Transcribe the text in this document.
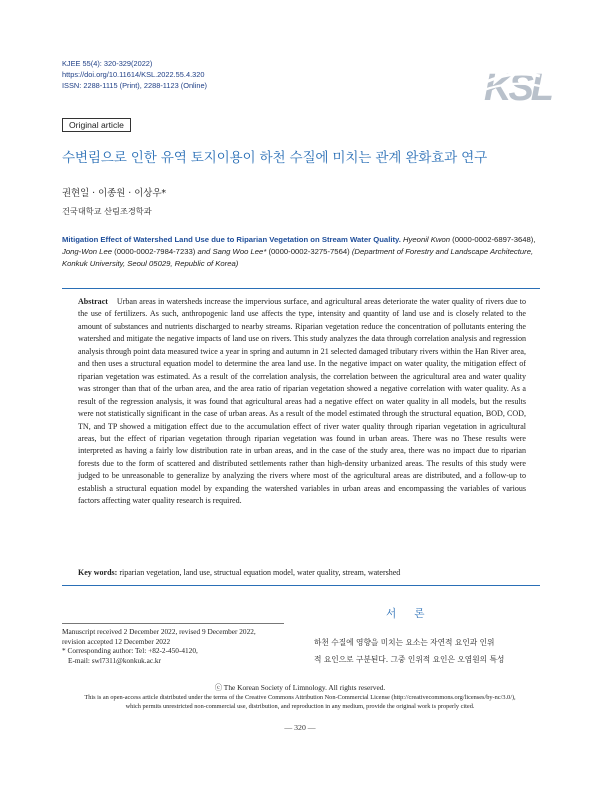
KJEE 55(4): 320-329(2022)
https://doi.org/10.11614/KSL.2022.55.4.320
ISSN: 2288-1115 (Print), 2288-1123 (Online)	KSL
Original article
수변림으로 인한 유역 토지이용이 하천 수질에 미치는 관계 완화효과 연구
권현일 · 이종원 · 이상우*
건국대학교 산림조경학과
Mitigation Effect of Watershed Land Use due to Riparian Vegetation on Stream Water Quality. Hyeonil Kwon (0000-0002-6897-3648), Jong-Won Lee (0000-0002-7984-7233) and Sang Woo Lee* (0000-0002-3275-7564) (Department of Forestry and Landscape Architecture, Konkuk University, Seoul 05029, Republic of Korea)
Abstract Urban areas in watersheds increase the impervious surface, and agricultural areas deteriorate the water quality of rivers due to the use of fertilizers. As such, anthropogenic land use affects the type, intensity and quantity of land use and is closely related to the amount of substances and nutrients discharged to nearby streams. Riparian vegetation reduce the concentration of pollutants entering the watershed and mitigate the negative impacts of land use on rivers. This study analyzes the data through correlation analysis and regression analysis through point data measured twice a year in spring and autumn in 21 selected damaged tributary rivers within the Han River area, and then uses a structural equation model to determine the area land use. In the negative impact on water quality, the mitigation effect of riparian vegetation was estimated. As a result of the correlation analysis, the correlation between the agricultural area and water quality was stronger than that of the urban area, and the area ratio of riparian vegetation showed a negative correlation with water quality. As a result of the regression analysis, it was found that agricultural areas had a negative effect on water quality in all models, but the results were not statistically significant in the case of urban areas. As a result of the model estimated through the structural equation, BOD, COD, TN, and TP showed a mitigation effect due to the accumulation effect of river water quality through riparian vegetation in agricultural areas, but the effect of riparian vegetation through riparian vegetation was found in urban areas. There was no These results were interpreted as having a fairly low distribution rate in urban areas, and in the case of the study area, there was no impact due to riparian forests due to the form of scattered and distributed settlements rather than high-density urbanized areas. The results of this study were judged to be unreasonable to generalize by analyzing the rivers where most of the agricultural areas are distributed, and a follow-up to establish a structural equation model by expanding the watershed variables in urban areas and encompassing the variables of various factors affecting water quality research is required.
Key words: riparian vegetation, land use, structual equation model, water quality, stream, watershed
서론
하천 수질에 영향을 미치는 요소는 자연적 요인과 인위
적 요인으로 구분된다. 그중 인위적 요인은 오염원의 특성
Manuscript received 2 December 2022, revised 9 December 2022,
revision accepted 12 December 2022
* Corresponding author: Tel: +82-2-450-4120,
E-mail: swl7311@konkuk.ac.kr
ⓒ The Korean Society of Limnology. All rights reserved.
This is an open-access article distributed under the terms of the Creative Commons Attribution Non-Commercial License (http://creativecommons.org/licenses/by-nc/3.0/),
which permits unrestricted non-commercial use, distribution, and reproduction in any medium, provide the original work is properly cited.
— 320 —
